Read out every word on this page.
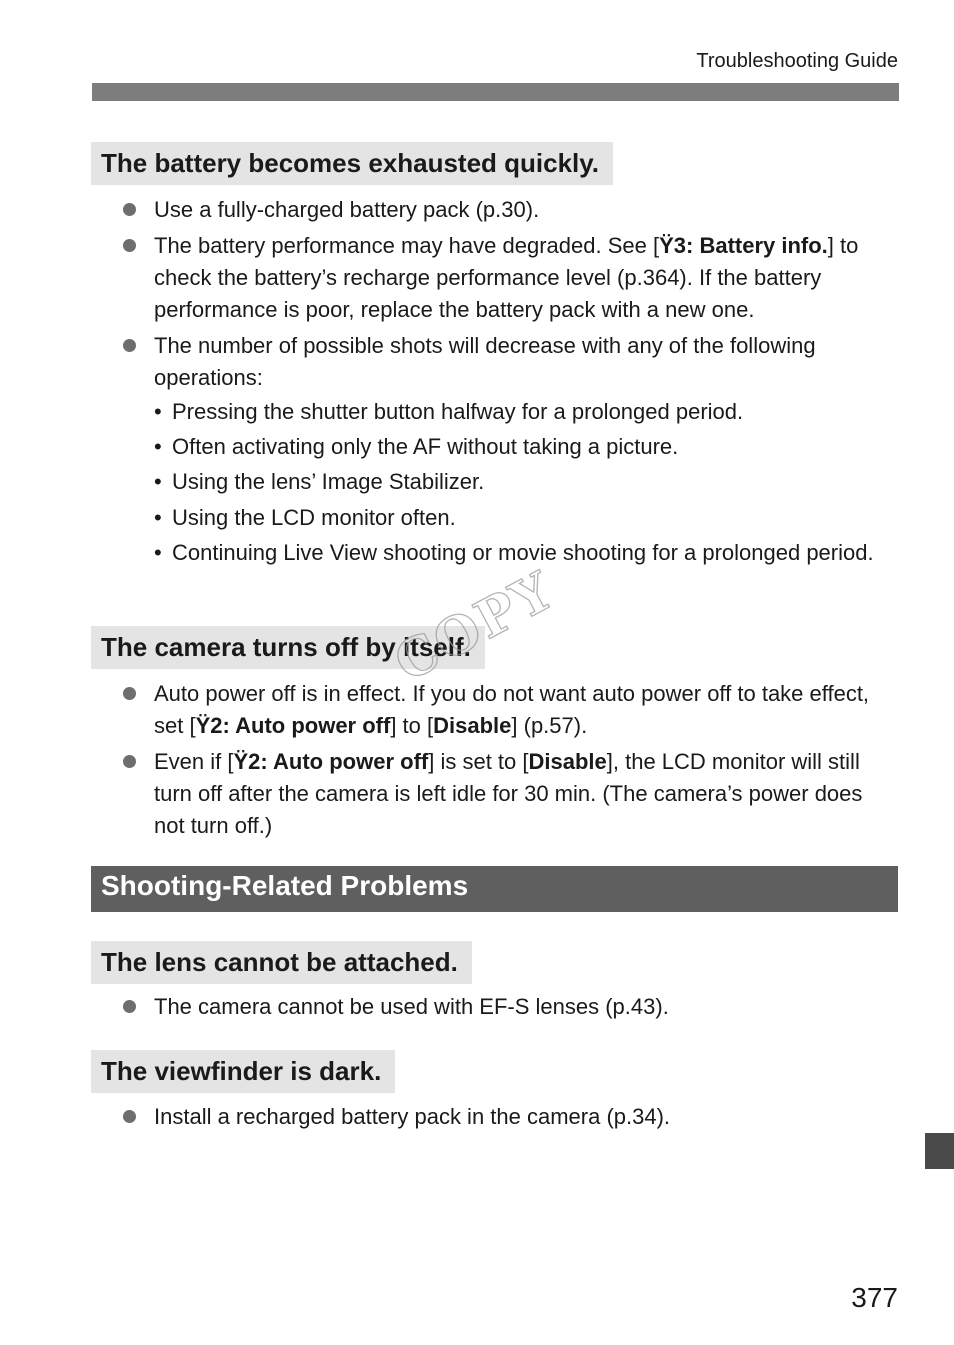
Troubleshooting Guide
The battery becomes exhausted quickly.
Use a fully-charged battery pack (p.30).
The battery performance may have degraded. See [Ÿ3: Battery info.] to check the battery’s recharge performance level (p.364). If the battery performance is poor, replace the battery pack with a new one.
The number of possible shots will decrease with any of the following operations:
• Pressing the shutter button halfway for a prolonged period.
• Often activating only the AF without taking a picture.
• Using the lens’ Image Stabilizer.
• Using the LCD monitor often.
• Continuing Live View shooting or movie shooting for a prolonged period.
The camera turns off by itself.
Auto power off is in effect. If you do not want auto power off to take effect, set [Ÿ2: Auto power off] to [Disable] (p.57).
Even if [Ÿ2: Auto power off] is set to [Disable], the LCD monitor will still turn off after the camera is left idle for 30 min. (The camera’s power does not turn off.)
Shooting-Related Problems
The lens cannot be attached.
The camera cannot be used with EF-S lenses (p.43).
The viewfinder is dark.
Install a recharged battery pack in the camera (p.34).
COPY
377
